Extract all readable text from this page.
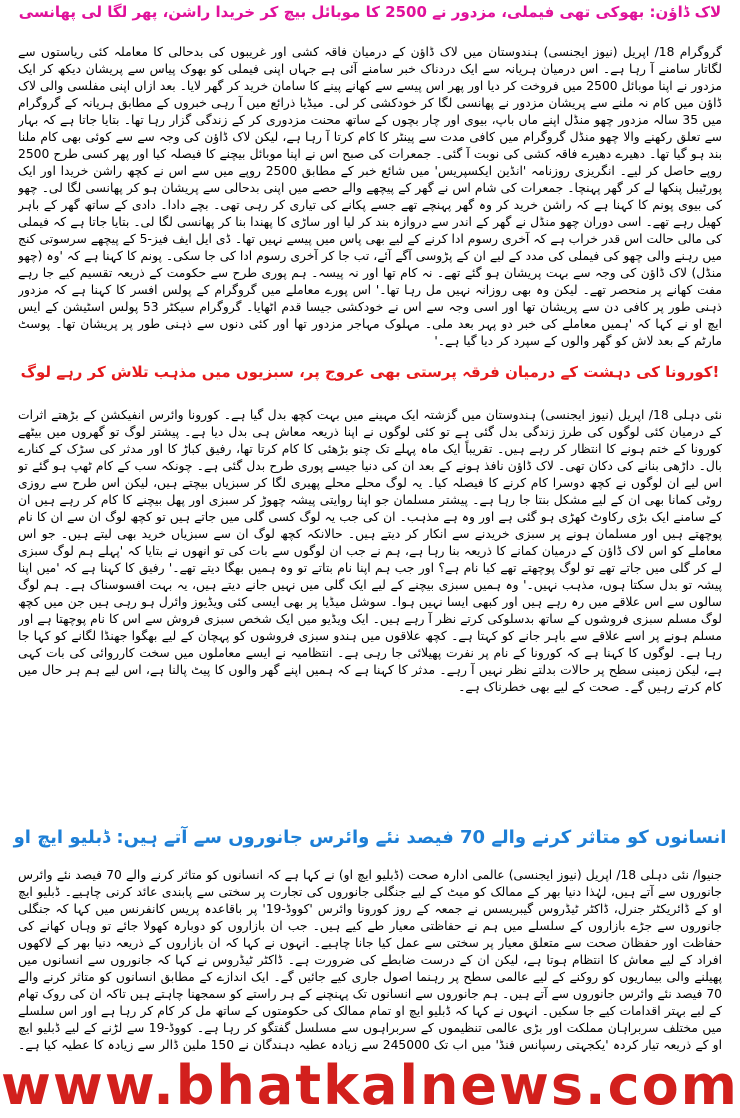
لاک ڈاؤن: بھوکی تھی فیملی، مزدور نے 2500 کا موبائل بیچ کر خریدا راشن، پھر لگا لی پھانسی

گروگرام 18/ اپریل (نیوز ایجنسی) ہندوستان میں لاک ڈاؤن کے درمیان فاقہ کشی اور غریبوں کی بدحالی کا معاملہ کئی ریاستوں سے لگاتار سامنے آ رہا ہے۔ اس درمیان ہریانہ سے ایک دردناک خبر سامنے آئی ہے جہاں اپنی فیملی کو بھوک پیاس سے پریشان دیکھ کر ایک مزدور نے اپنا موبائل 2500 میں فروخت کر دیا اور پھر اس پیسے سے کھانے پینے کا سامان خرید کر گھر لایا۔ بعد ازاں اپنی مفلسی والی لاک ڈاؤن میں کام نہ ملنے سے پریشان مزدور نے پھانسی لگا کر خودکشی کر لی۔ میڈیا ذرائع میں آ رہی خبروں کے مطابق ہریانہ کے گروگرام میں 35 سالہ مزدور چھو منڈل اپنے ماں باپ، بیوی اور چار بچوں کے ساتھ محنت مزدوری کر کے زندگی گزار رہا تھا۔ بتایا جاتا ہے کہ بہار سے تعلق رکھنے والا چھو منڈل گروگرام میں کافی مدت سے پینٹر کا کام کرتا آ رہا ہے، لیکن لاک ڈاؤن کی وجہ سے سے کوئی بھی کام ملنا بند ہو گیا تھا۔ دھیرے دھیرے فاقہ کشی کی نوبت آ گئی۔ جمعرات کی صبح اس نے اپنا موبائل بیچنے کا فیصلہ کیا اور پھر کسی طرح 2500 روپے حاصل کر لیے۔ انگریزی روزنامہ 'انڈین ایکسپریس' میں شائع خبر کے مطابق 2500 روپے میں سے اس نے کچھ راشن خریدا اور ایک پورٹیبل پنکھا لے کر گھر پہنچا۔ جمعرات کی شام اس نے گھر کے پیچھے والے حصے میں اپنی بدحالی سے پریشان ہو کر پھانسی لگا لی۔ چھو کی بیوی پونم کا کہنا ہے کہ راشن خرید کر وہ گھر پہنچے تھے جسے پکانے کی تیاری کر رہی تھی۔ بچے دادا۔ دادی کے ساتھ گھر کے باہر کھیل رہے تھے۔ اسی دوران چھو منڈل نے گھر کے اندر سے دروازہ بند کر لیا اور ساڑی کا پھندا بنا کر پھانسی لگا لی۔ بتایا جاتا ہے کہ فیملی کی مالی حالت اس قدر خراب ہے کہ آخری رسوم ادا کرنے کے لیے بھی پاس میں پیسے نہیں تھا۔ ڈی ایل ایف فیز-5 کے پیچھے سرسوتی کنج میں رہنے والی چھو کی فیملی کی مدد کے لیے ان کے پڑوسی آگے آئے، تب جا کر آخری رسوم ادا کی جا سکی۔ پونم کا کہنا ہے کہ 'وہ (چھو منڈل) لاک ڈاؤن کی وجہ سے بہت پریشان ہو گئے تھے۔ نہ کام تھا اور نہ پیسہ۔ ہم پوری طرح سے حکومت کے ذریعہ تقسیم کیے جا رہے مفت کھانے پر منحصر تھے۔ لیکن وہ بھی روزانہ نہیں مل رہا تھا۔' اس پورے معاملے میں گروگرام کے پولس افسر کا کہنا ہے کہ مزدور ذہنی طور پر کافی دن سے پریشان تھا اور اسی وجہ سے اس نے خودکشی جیسا قدم اٹھایا۔ گروگرام سیکٹر 53 پولس اسٹیشن کے ایس ایچ او نے کہا کہ 'ہمیں معاملے کی خبر دو پہر بعد ملی۔ مہلوک مہاجر مزدور تھا اور کئی دنوں سے ذہنی طور پر پریشان تھا۔ پوسٹ مارٹم کے بعد لاش کو گھر والوں کے سپرد کر دیا گیا ہے۔'

کورونا کی دہشت کے درمیان فرقہ پرستی بھی عروج پر، سبزیوں میں مذہب تلاش کر رہے لوگ!

نئی دہلی 18/ اپریل (نیوز ایجنسی) ہندوستان میں گزشتہ ایک مہینے میں بہت کچھ بدل گیا ہے۔ کورونا وائرس انفیکشن کے بڑھتے اثرات کے درمیان کئی لوگوں کی طرز زندگی بدل گئی ہے تو کئی لوگوں نے اپنا ذریعہ معاش ہی بدل دیا ہے۔ پیشتر لوگ تو گھروں میں بیٹھے کورونا کے ختم ہونے کا انتظار کر رہے ہیں۔ تقریباً ایک ماہ پہلے تک چنو بڑھئی کا کام کرتا تھا، رفیق کباڑ کا اور مدثر کی سڑک کے کنارے بال۔ داڑھی بنانے کی دکان تھی۔ لاک ڈاؤن نافذ ہونے کے بعد ان کی دنیا جیسے پوری طرح بدل گئی ہے۔ چونکہ سب کے کام ٹھپ ہو گئے تو اس لیے ان لوگوں نے کچھ دوسرا کام کرنے کا فیصلہ کیا۔ یہ لوگ محلے محلے پھیری لگا کر سبزیاں بیچتے ہیں، لیکن اس طرح سے روزی روٹی کمانا بھی ان کے لیے مشکل بنتا جا رہا ہے۔ پیشتر مسلمان جو اپنا روایتی پیشہ چھوڑ کر سبزی اور پھل بیچنے کا کام کر رہے ہیں ان کے سامنے ایک بڑی رکاوٹ کھڑی ہو گئی ہے اور وہ ہے مذہب۔ ان کی جب یہ لوگ کسی گلی میں جاتے ہیں تو کچھ لوگ ان سے ان کا نام پوچھتے ہیں اور مسلمان ہونے پر سبزی خریدنے سے انکار کر دیتے ہیں۔ حالانکہ کچھ لوگ ان سے سبزیاں خرید بھی لیتے ہیں۔ جو اس معاملے کو اس لاک ڈاؤن کے درمیان کمانے کا ذریعہ بنا رہا ہے، ہم نے جب ان لوگوں سے بات کی تو انھوں نے بتایا کہ 'پہلے ہم لوگ سبزی لے کر گلی میں جاتے تھے تو لوگ پوچھتے تھے کیا نام ہے؟ اور جب ہم اپنا نام بتاتے تو وہ ہمیں بھگا دیتے تھے۔' رفیق کا کہنا ہے کہ 'میں اپنا پیشہ تو بدل سکتا ہوں، مذہب نہیں۔' وہ ہمیں سبزی بیچنے کے لیے ایک گلی میں نہیں جانے دیتے ہیں، یہ بہت افسوسناک ہے۔ ہم لوگ سالوں سے اس علاقے میں رہ رہے ہیں اور کبھی ایسا نہیں ہوا۔ سوشل میڈیا پر بھی ایسی کئی ویڈیوز وائرل ہو رہی ہیں جن میں کچھ لوگ مسلم سبزی فروشوں کے ساتھ بدسلوکی کرتے نظر آ رہے ہیں۔ ایک ویڈیو میں ایک شخص سبزی فروش سے اس کا نام پوچھتا ہے اور مسلم ہونے پر اسے علاقے سے باہر جانے کو کہتا ہے۔ کچھ علاقوں میں ہندو سبزی فروشوں کو پہچان کے لیے بھگوا جھنڈا لگانے کو کہا جا رہا ہے۔ لوگوں کا کہنا ہے کہ کورونا کے نام پر نفرت پھیلائی جا رہی ہے۔ انتظامیہ نے ایسے معاملوں میں سخت کارروائی کی بات کہی ہے، لیکن زمینی سطح پر حالات بدلتے نظر نہیں آ رہے۔ مدثر کا کہنا ہے کہ ہمیں اپنے گھر والوں کا پیٹ پالنا ہے، اس لیے ہم ہر حال میں کام کرتے رہیں گے۔ صحت کے لیے بھی خطرناک ہے۔

انسانوں کو متاثر کرنے والے 70 فیصد نئے وائرس جانوروں سے آتے ہیں: ڈبلیو ایچ او

جنیوا/ نئی دہلی 18/ اپریل (نیوز ایجنسی) عالمی ادارہ صحت (ڈبلیو ایچ او) نے کہا ہے کہ انسانوں کو متاثر کرنے والے 70 فیصد نئے وائرس جانوروں سے آتے ہیں، لہٰذا دنیا بھر کے ممالک کو میٹ کے لیے جنگلی جانوروں کی تجارت پر سختی سے پابندی عائد کرنی چاہیے۔ ڈبلیو ایچ او کے ڈائریکٹر جنرل، ڈاکٹر ٹیڈروس گیبریسس نے جمعہ کے روز کورونا وائرس 'کووڈ-19' پر باقاعدہ پریس کانفرنس میں کہا کہ جنگلی جانوروں سے جڑے بازاروں کے سلسلے میں ہم نے حفاظتی معیار طے کیے ہیں۔ جب ان بازاروں کو دوبارہ کھولا جائے تو وہاں کھانے کی حفاظت اور حفظان صحت سے متعلق معیار پر سختی سے عمل کیا جانا چاہیے۔ انہوں نے کہا کہ ان بازاروں کے ذریعہ دنیا بھر کے لاکھوں افراد کے لیے معاش کا انتظام ہوتا ہے، لیکن ان کے درست ضابطے کی ضرورت ہے۔ ڈاکٹر ٹیڈروس نے کہا کہ جانوروں سے انسانوں میں پھیلنے والی بیماریوں کو روکنے کے لیے عالمی سطح پر رہنما اصول جاری کیے جائیں گے۔ ایک اندازے کے مطابق انسانوں کو متاثر کرنے والے 70 فیصد نئے وائرس جانوروں سے آتے ہیں۔ ہم جانوروں سے انسانوں تک پہنچنے کے ہر راستے کو سمجھنا چاہتے ہیں تاکہ ان کی روک تھام کے لیے بہتر اقدامات کیے جا سکیں۔ انہوں نے کہا کہ ڈبلیو ایچ او تمام ممالک کی حکومتوں کے ساتھ مل کر کام کر رہا ہے اور اس سلسلے میں مختلف سربراہان مملکت اور بڑی عالمی تنظیموں کے سربراہوں سے مسلسل گفتگو کر رہا ہے۔ کووڈ-19 سے لڑنے کے لیے ڈبلیو ایچ او کے ذریعہ تیار کردہ 'یکجہتی رسپانس فنڈ' میں اب تک 245000 سے زیادہ عطیہ دہندگان نے 150 ملین ڈالر سے زیادہ کا عطیہ کیا ہے۔

www.bhatkalnews.com
